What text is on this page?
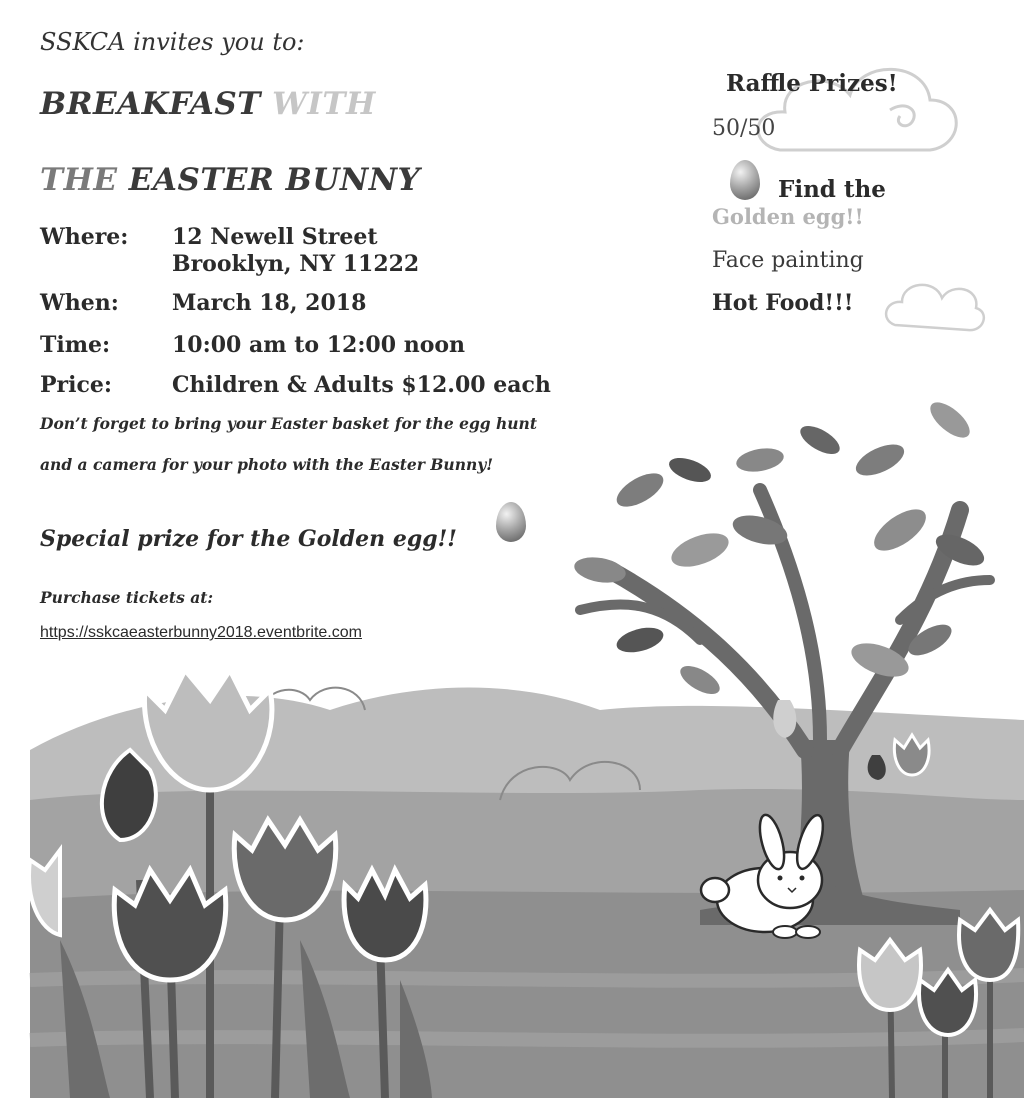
SSKCA invites you to:
BREAKFAST WITH
THE EASTER BUNNY
Where: 12 Newell Street
Brooklyn, NY 11222
When: March 18, 2018
Time:	10:00 am to 12:00 noon
Price:	Children & Adults $12.00 each
Don’t forget to bring your Easter basket for the egg hunt
and a camera for your photo with the Easter Bunny!
Special prize for the Golden egg!!
Purchase tickets at:
https://sskcaeasterbunny2018.eventbrite.com
Raffle Prizes!
50/50
Find the
Golden egg!!
Face painting
Hot Food!!!
